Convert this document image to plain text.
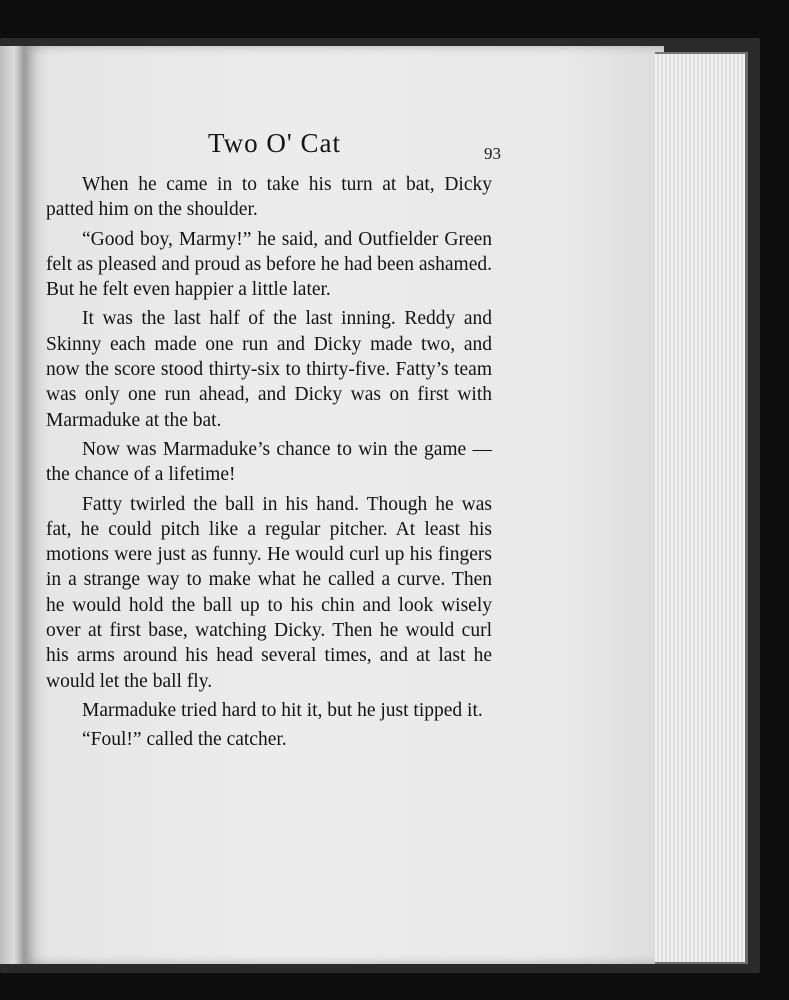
Two O' Cat	93

When he came in to take his turn at bat, Dicky patted him on the shoulder.

“Good boy, Marmy!” he said, and Outfielder Green felt as pleased and proud as before he had been ashamed. But he felt even happier a little later.

It was the last half of the last inning. Reddy and Skinny each made one run and Dicky made two, and now the score stood thirty-six to thirty-five. Fatty’s team was only one run ahead, and Dicky was on first with Marmaduke at the bat.

Now was Marmaduke’s chance to win the game —the chance of a lifetime!

Fatty twirled the ball in his hand. Though he was fat, he could pitch like a regular pitcher. At least his motions were just as funny. He would curl up his fingers in a strange way to make what he called a curve. Then he would hold the ball up to his chin and look wisely over at first base, watching Dicky. Then he would curl his arms around his head several times, and at last he would let the ball fly.

Marmaduke tried hard to hit it, but he just tipped it.

“Foul!” called the catcher.
